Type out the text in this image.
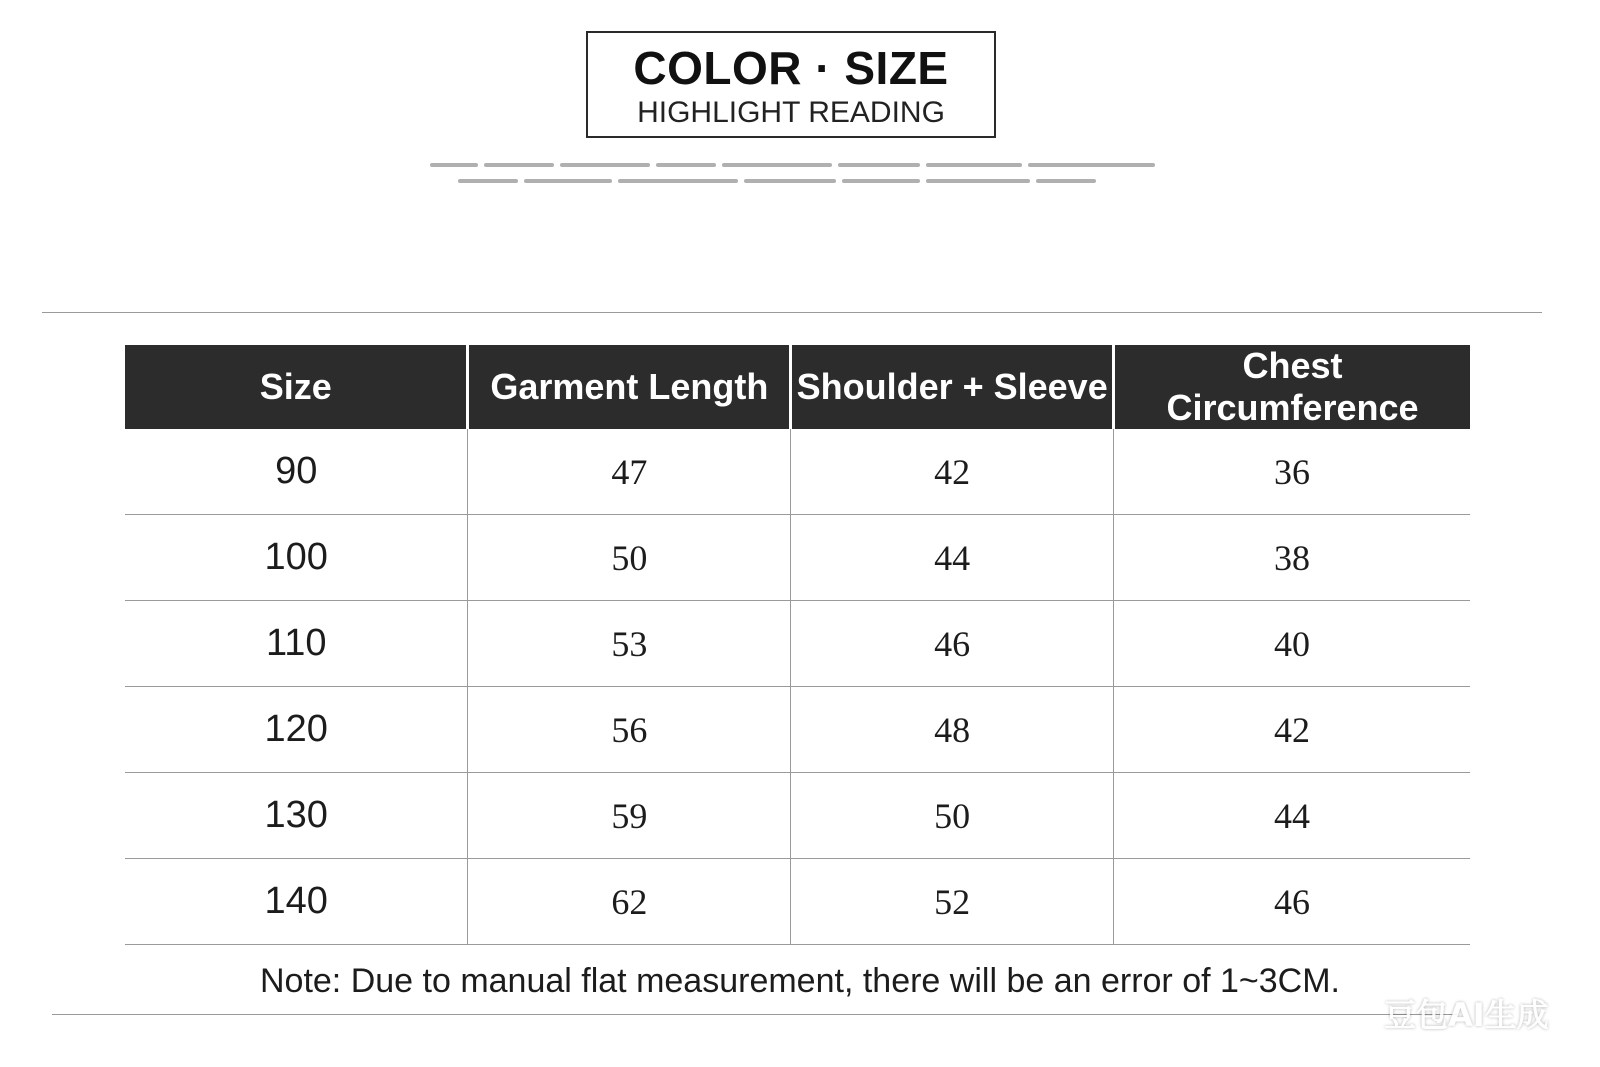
COLOR · SIZE
HIGHLIGHT READING
Size	Garment Length	Shoulder + Sleeve	Chest Circumference
90	47	42	36
100	50	44	38
110	53	46	40
120	56	48	42
130	59	50	44
140	62	52	46
Note: Due to manual flat measurement, there will be an error of 1~3CM.
豆包AI生成
